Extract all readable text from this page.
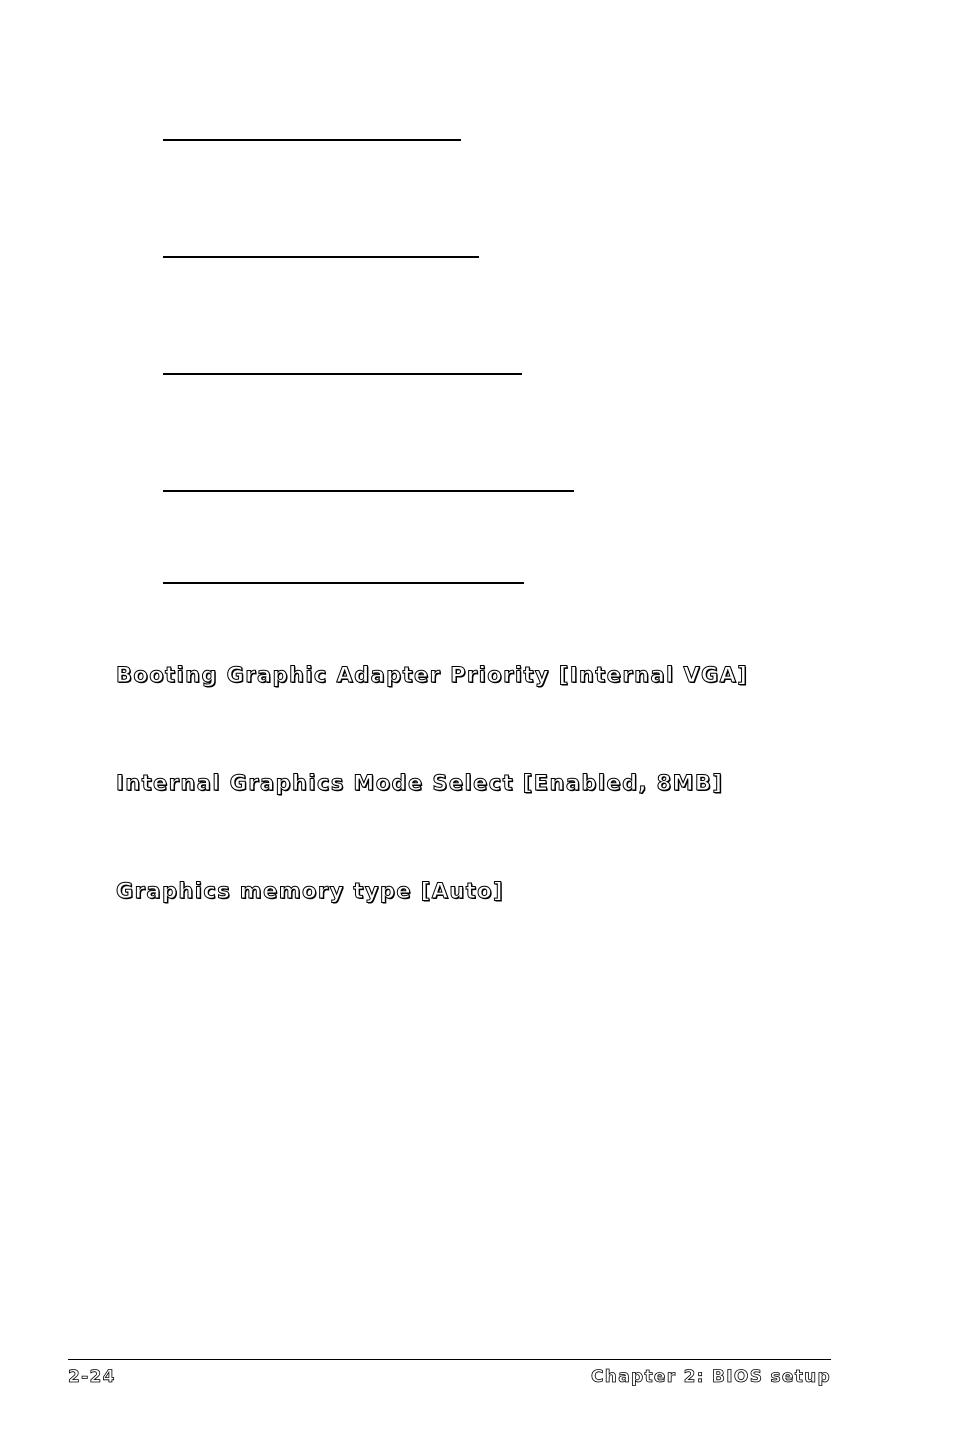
Booting Graphic Adapter Priority [Internal VGA]
Internal Graphics Mode Select [Enabled, 8MB]
Graphics memory type [Auto]
2-24	Chapter 2: BIOS setup
